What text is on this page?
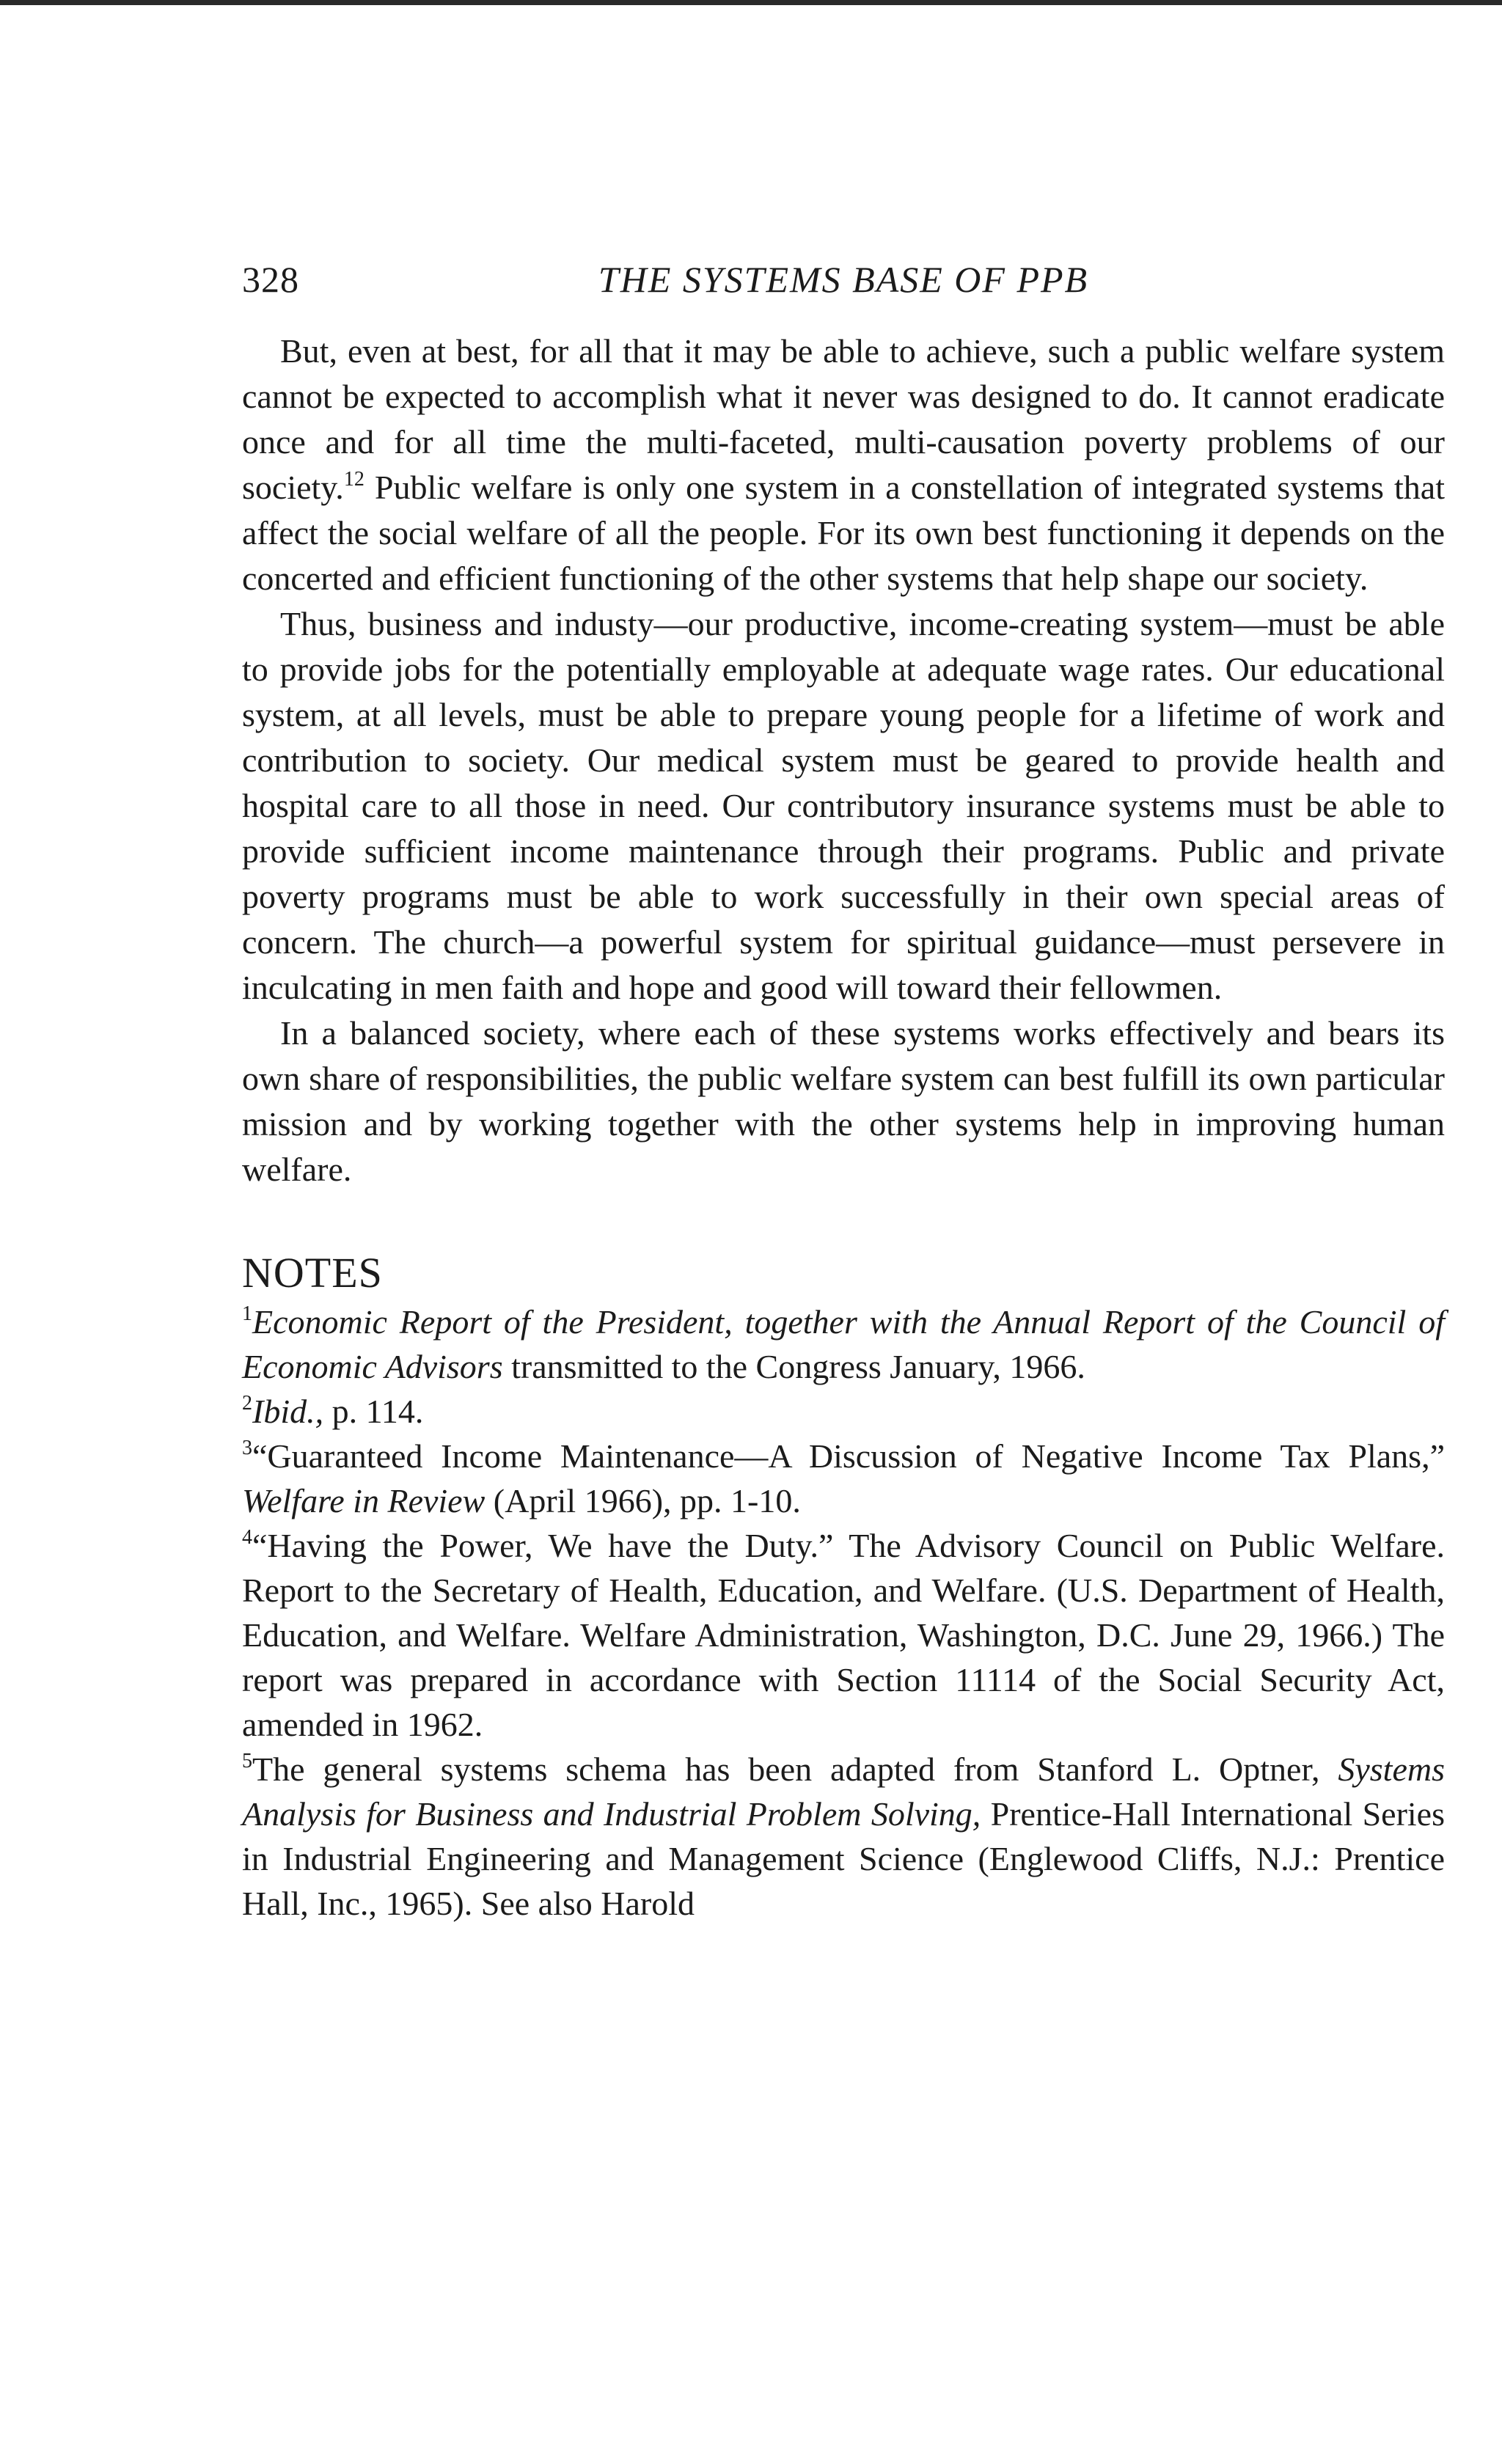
328	THE SYSTEMS BASE OF PPB

But, even at best, for all that it may be able to achieve, such a public welfare system cannot be expected to accomplish what it never was designed to do. It cannot eradicate once and for all time the multi-faceted, multi-causation poverty problems of our society.$^{12}$ Public welfare is only one system in a constellation of integrated systems that affect the social welfare of all the people. For its own best functioning it depends on the concerted and efficient functioning of the other systems that help shape our society.

Thus, business and industy—our productive, income-creating system—must be able to provide jobs for the potentially employable at adequate wage rates. Our educational system, at all levels, must be able to prepare young people for a lifetime of work and contribution to society. Our medical system must be geared to provide health and hospital care to all those in need. Our contributory insurance systems must be able to provide sufficient income maintenance through their programs. Public and private poverty programs must be able to work successfully in their own special areas of concern. The church—a powerful system for spiritual guidance—must persevere in inculcating in men faith and hope and good will toward their fellowmen.

In a balanced society, where each of these systems works effectively and bears its own share of responsibilities, the public welfare system can best fulfill its own particular mission and by working together with the other systems help in improving human welfare.

NOTES

$^1$Economic Report of the President, together with the Annual Report of the Council of Economic Advisors transmitted to the Congress January, 1966.

$^2$Ibid., p. 114.

$^3$“Guaranteed Income Maintenance—A Discussion of Negative Income Tax Plans,” Welfare in Review (April 1966), pp. 1-10.

$^4$“Having the Power, We have the Duty.” The Advisory Council on Public Welfare. Report to the Secretary of Health, Education, and Welfare. (U.S. Department of Health, Education, and Welfare. Welfare Administration, Washington, D.C. June 29, 1966.) The report was prepared in accordance with Section 11114 of the Social Security Act, amended in 1962.

$^5$The general systems schema has been adapted from Stanford L. Optner, Systems Analysis for Business and Industrial Problem Solving, Prentice-Hall International Series in Industrial Engineering and Management Science (Englewood Cliffs, N.J.: Prentice Hall, Inc., 1965). See also Harold
